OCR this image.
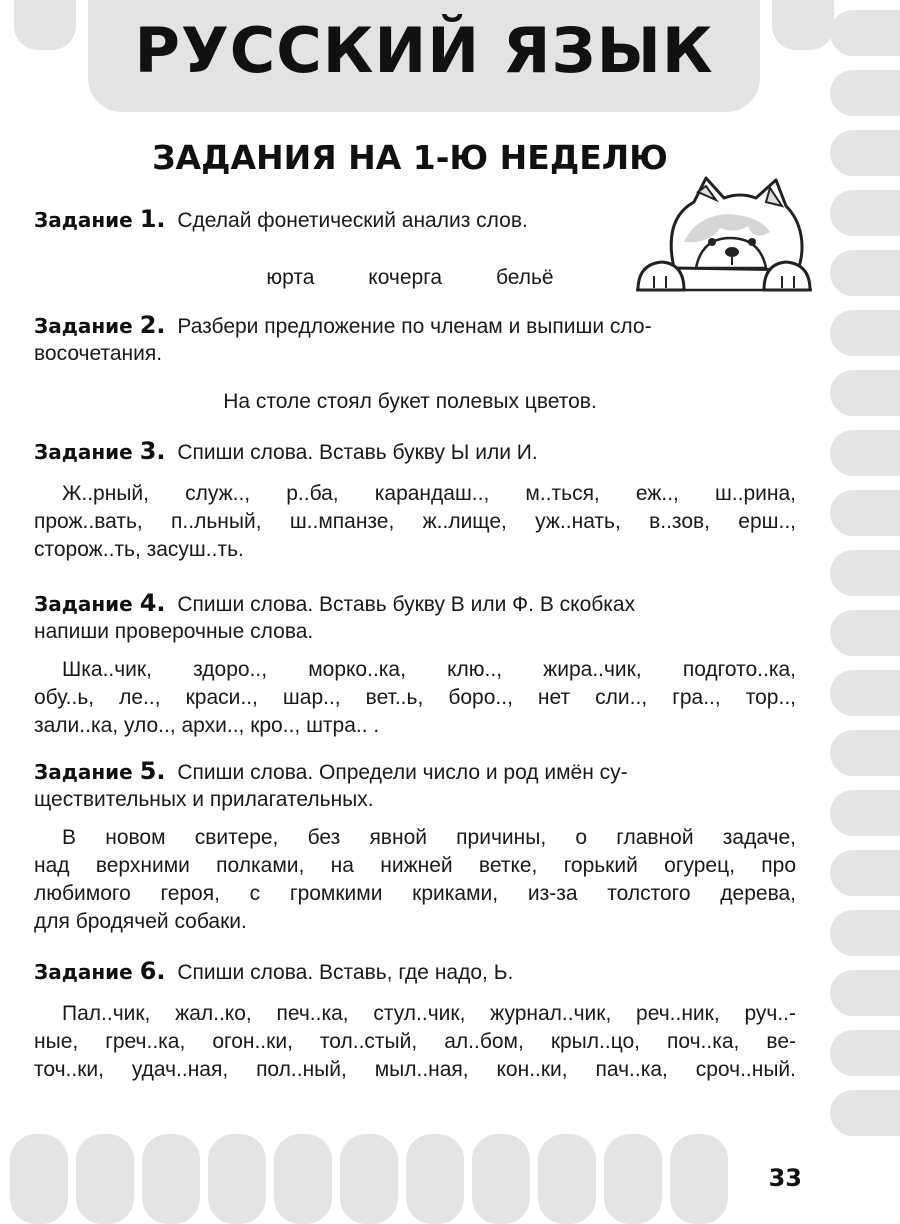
РУССКИЙ ЯЗЫК
ЗАДАНИЯ НА 1-Ю НЕДЕЛЮ
Задание 1. Сделай фонетический анализ слов.
юрта	кочерга	бельё
Задание 2. Разбери предложение по членам и выпиши сло-
восочетания.
На столе стоял букет полевых цветов.
Задание 3. Спиши слова. Вставь букву Ы или И.
Ж..рный, служ.., р..ба, карандаш.., м..ться, еж.., ш..рина,
прож..вать, п..льный, ш..мпанзе, ж..лище, уж..нать, в..зов, ерш..,
сторож..ть, засуш..ть.
Задание 4. Спиши слова. Вставь букву В или Ф. В скобках
напиши проверочные слова.
Шка..чик, здоро.., морко..ка, клю.., жира..чик, подгото..ка,
обу..ь, ле.., краси.., шар.., вет..ь, боро.., нет сли.., гра.., тор..,
зали..ка, уло.., архи.., кро.., штра.. .
Задание 5. Спиши слова. Определи число и род имён су-
ществительных и прилагательных.
В новом свитере, без явной причины, о главной задаче,
над верхними полками, на нижней ветке, горький огурец, про
любимого героя, с громкими криками, из-за толстого дерева,
для бродячей собаки.
Задание 6. Спиши слова. Вставь, где надо, Ь.
Пал..чик, жал..ко, печ..ка, стул..чик, журнал..чик, реч..ник, руч..-
ные, греч..ка, огон..ки, тол..стый, ал..бом, крыл..цо, поч..ка, ве-
точ..ки, удач..ная, пол..ный, мыл..ная, кон..ки, пач..ка, сроч..ный.
33
